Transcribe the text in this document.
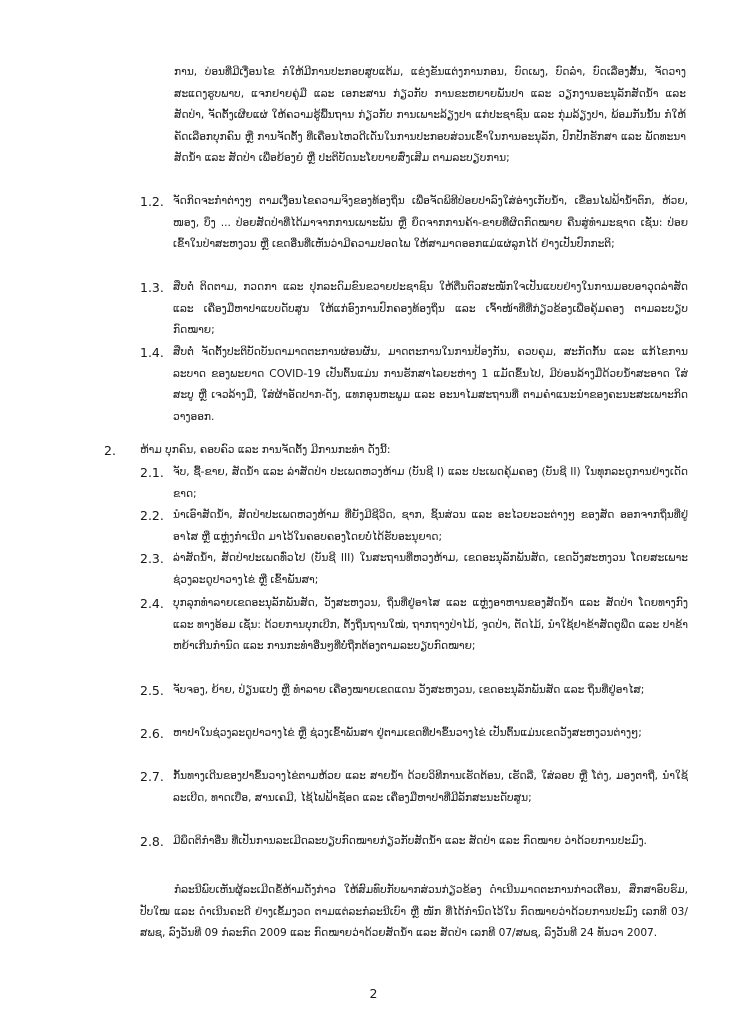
ການ, ບ່ອນທີ່ມີເງື່ອນໄຂ ກໍໃຫ້ມີການປະກອບສູບແຕ້ມ, ແຂ່ງຂັນແຕ່ງການກອນ, ບົດເພງ, ບົດລໍາ, ບົດເລື່ອງສັ້ນ, ຈັດວາງສະແດງຮູບພາບ, ແຈກຢາຍຄູ່ມື ແລະ ເອກະສານ ກ່ຽວກັບ ການຂະຫຍາຍພັນປາ ແລະ ວຽກງານອະນຸລັກສັດນ້ຳ ແລະ ສັດປ່າ, ຈັດຕັ້ງເຜີຍແຜ່ ໃຫ້ຄວາມຮູ້ພື້ນຖານ ກ່ຽວກັບ ການເພາະລ້ຽງປາ ແກ່ປະຊາຊົນ ແລະ ກຸ່ມລ້ຽງປາ, ພ້ອມກັນນັ້ນ ກໍໃຫ້ຄັດເລືອກບຸກຄົນ ຫຼື ການຈັດຕັ້ງ ທີ່ເຄື່ອນໄຫວດີເດັ່ນໃນການປະກອບສ່ວນເຂົ້າໃນການອະນຸລັກ, ປົກປັກຮັກສາ ແລະ ພັດທະນາສັດນ້ຳ ແລະ ສັດປ່າ ເພື່ອຍ້ອງຍໍ ຫຼື ປະຕິບັດນະໂຍບາຍສົ່ງເສີມ ຕາມລະບຽບການ;
1.2. ຈັດກິດຈະກໍາຕ່າງໆ ຕາມເງື່ອນໄຂຄວາມຈິງຂອງທ້ອງຖິ່ນ ເພື່ອຈັດພິທີປ່ອຍປາລົງໃສ່ອ່າງເກັບນ້ຳ, ເຂື່ອນໄຟຟ້ານ້ຳຕົກ, ຫ້ວຍ, ໜອງ, ບຶງ ... ປ່ອຍສັດປ່າທີ່ໄດ້ມາຈາກການເພາະພັນ ຫຼື ຍຶດຈາກການຄ້າ-ຂາຍທີ່ຜິດກົດໝາຍ ຄືນສູ່ທໍາມະຊາດ ເຊັ່ນ: ປ່ອຍເຂົ້າໃນປ່າສະຫງວນ ຫຼື ເຂດອື່ນທີ່ເຫັນວ່າມີຄວາມປອດໄພ ໃຫ້ສາມາດອອກແມ່ແຜ່ລູກໄດ້ ຢ່າງເປັນປົກກະຕິ;
1.3. ສືບຕໍ່ ຕິດຕາມ, ກວດກາ ແລະ ປຸກລະດົມຂົນຂວາຍປະຊາຊົນ ໃຫ້ຕື່ນຕົວສະໝັກໃຈເປັນແບບຢ່າງໃນການມອບອາວຸດລ່າສັດ ແລະ ເຄື່ອງມືຫາປາແບບດັບສູນ ໃຫ້ແກ່ອົງການປົກຄອງທ້ອງຖິ່ນ ແລະ ເຈົ້າໜ້າທີ່ທີ່ກ່ຽວຂ້ອງເພື່ອຄຸ້ມຄອງ ຕາມລະບຽບກົດໝາຍ;
1.4. ສືບຕໍ່ ຈັດຕັ້ງປະຕິບັດບັນດາມາດຕະການຜ່ອນຜັນ, ມາດຕະການໃນການປ້ອງກັນ, ຄວບຄຸມ, ສະກັດກັ້ນ ແລະ ແກ້ໄຂການລະບາດ ຂອງພະຍາດ COVID-19 ເປັນຕົ້ນແມ່ນ ການຮັກສາໄລຍະຫ່າງ 1 ແມັດຂຶ້ນໄປ, ມີບ່ອນລ້າງມືດ້ວຍນ້ຳສະອາດ ໃສ່ສະບູ ຫຼື ເຈວລ້າງມື, ໃສ່ຜ້າອັດປາກ-ດັງ, ແທກອຸນຫະພູມ ແລະ ອະນາໄມສະຖານທີ່ ຕາມຄໍາແນະນໍາຂອງຄະນະສະເພາະກິດ ວາງອອກ.
2. ຫ້າມ ບຸກຄົນ, ຄອບຄົວ ແລະ ການຈັດຕັ້ງ ມີການກະທໍາ ດັ່ງນີ້:
2.1. ຈັບ, ຊື້-ຂາຍ, ສັດນ້ຳ ແລະ ລ່າສັດປ່າ ປະເພດຫວງຫ້າມ (ບັນຊີ I) ແລະ ປະເພດຄຸ້ມຄອງ (ບັນຊີ II) ໃນທຸກລະດູການຢ່າງເດັດຂາດ;
2.2. ນໍາເອົາສັດນ້ຳ, ສັດປ່າປະເພດຫວງຫ້າມ ທີ່ຍັງມີຊີວິດ, ຊາກ, ຊິ້ນສ່ວນ ແລະ ອະໄວຍະວະຕ່າງໆ ຂອງສັດ ອອກຈາກຖິ່ນທີ່ຢູ່ອາໄສ ຫຼື ແຫຼ່ງກໍາເນີດ ມາໄວ້ໃນຄອບຄອງໂດຍບໍ່ໄດ້ຮັບອະນຸຍາດ;
2.3. ລ່າສັດນ້ຳ, ສັດປ່າປະເພດທົ່ວໄປ (ບັນຊີ III) ໃນສະຖານທີ່ຫວງຫ້າມ, ເຂດອະນຸລັກພັນສັດ, ເຂດວັງສະຫງວນ ໂດຍສະເພາະຊ່ວງລະດູປາວາງໄຂ່ ຫຼື ເຂົ້າພັນສາ;
2.4. ບຸກລຸກທໍາລາຍເຂດອະນຸລັກພັນສັດ, ວັງສະຫງວນ, ຖິ່ນທີ່ຢູ່ອາໄສ ແລະ ແຫຼ່ງອາຫານຂອງສັດນ້ຳ ແລະ ສັດປ່າ ໂດຍທາງກົງ ແລະ ທາງອ້ອມ ເຊັ່ນ: ດ້ວຍການບຸກເບີກ, ຕັ້ງຖິ່ນຖານໃໝ່, ຖາກຖາງປ່າໄມ້, ຈູດປ່າ, ຕັດໄມ້, ນໍາໃຊ້ຢາຂ້າສັດຕູພືດ ແລະ ປາຂ້າຫຍ້າເກີນກໍານົດ ແລະ ການກະທໍາອື່ນໆທີ່ບໍ່ຖືກຕ້ອງຕາມລະບຽບກົດໝາຍ;
2.5. ຈັບຈອງ, ຍ້າຍ, ປ່ຽນແປງ ຫຼື ທໍາລາຍ ເຄື່ອງໝາຍເຂດແດນ ວັງສະຫງວນ, ເຂດອະນຸລັກພັນສັດ ແລະ ຖິ່ນທີ່ຢູ່ອາໄສ;
2.6. ຫາປາໃນຊ່ວງລະດູປາວາງໄຂ່ ຫຼື ຊ່ວງເຂົ້າພັນສາ ຢູ່ຕາມເຂດທີ່ປາຂຶ້ນວາງໄຂ່ ເປັນຕົ້ນແມ່ນເຂດວັງສະຫງວນຕ່າງໆ;
2.7. ກັ້ນທາງເດີນຂອງປາຂຶ້ນວາງໄຂ່ຕາມຫ້ວຍ ແລະ ສາຍນ້ຳ ດ້ວຍວິທີການເຮັດຕ້ອນ, ເຮັດລີ່, ໃສ່ລອບ ຫຼື ໂຕ່ງ, ມອງຕາຖີ່, ນໍາໃຊ້ລະເບີດ, ທາດເບື່ອ, ສານເຄມີ, ໄຊ້ໄຟຟ້າຊັອດ ແລະ ເຄື່ອງມືຫາປາທີ່ມີລັກສະນະດັບສູນ;
2.8. ມີພຶດຕິກໍາອື່ນ ທີ່ເປັນການລະເມີດລະບຽບກົດໝາຍກ່ຽວກັບສັດນ້ຳ ແລະ ສັດປ່າ ແລະ ກົດໝາຍ ວ່າດ້ວຍການປະມົງ.
ກໍລະນີພົບເຫັນຜູ້ລະເມີດຂໍ້ຫ້າມດັ່ງກ່າວ ໃຫ້ສົມທົບກັບພາກສ່ວນກ່ຽວຂ້ອງ ດໍາເນີນມາດຕະການກ່າວເຕືອນ, ສຶກສາອົບຮົມ, ປັບໃໝ ແລະ ດໍາເນີນຄະດີ ຢ່າງເຂັ້ມງວດ ຕາມແຕ່ລະກໍລະນີເບົາ ຫຼື ໜັກ ທີ່ໄດ້ກໍານົດໄວ້ໃນ ກົດໝາຍວ່າດ້ວຍການປະມົງ ເລກທີ 03/ສພຊ, ລົງວັນທີ 09 ກໍລະກົດ 2009 ແລະ ກົດໝາຍວ່າດ້ວຍສັດນ້ຳ ແລະ ສັດປ່າ ເລກທີ 07/ສພຊ, ລົງວັນທີ 24 ທັນວາ 2007.
2
